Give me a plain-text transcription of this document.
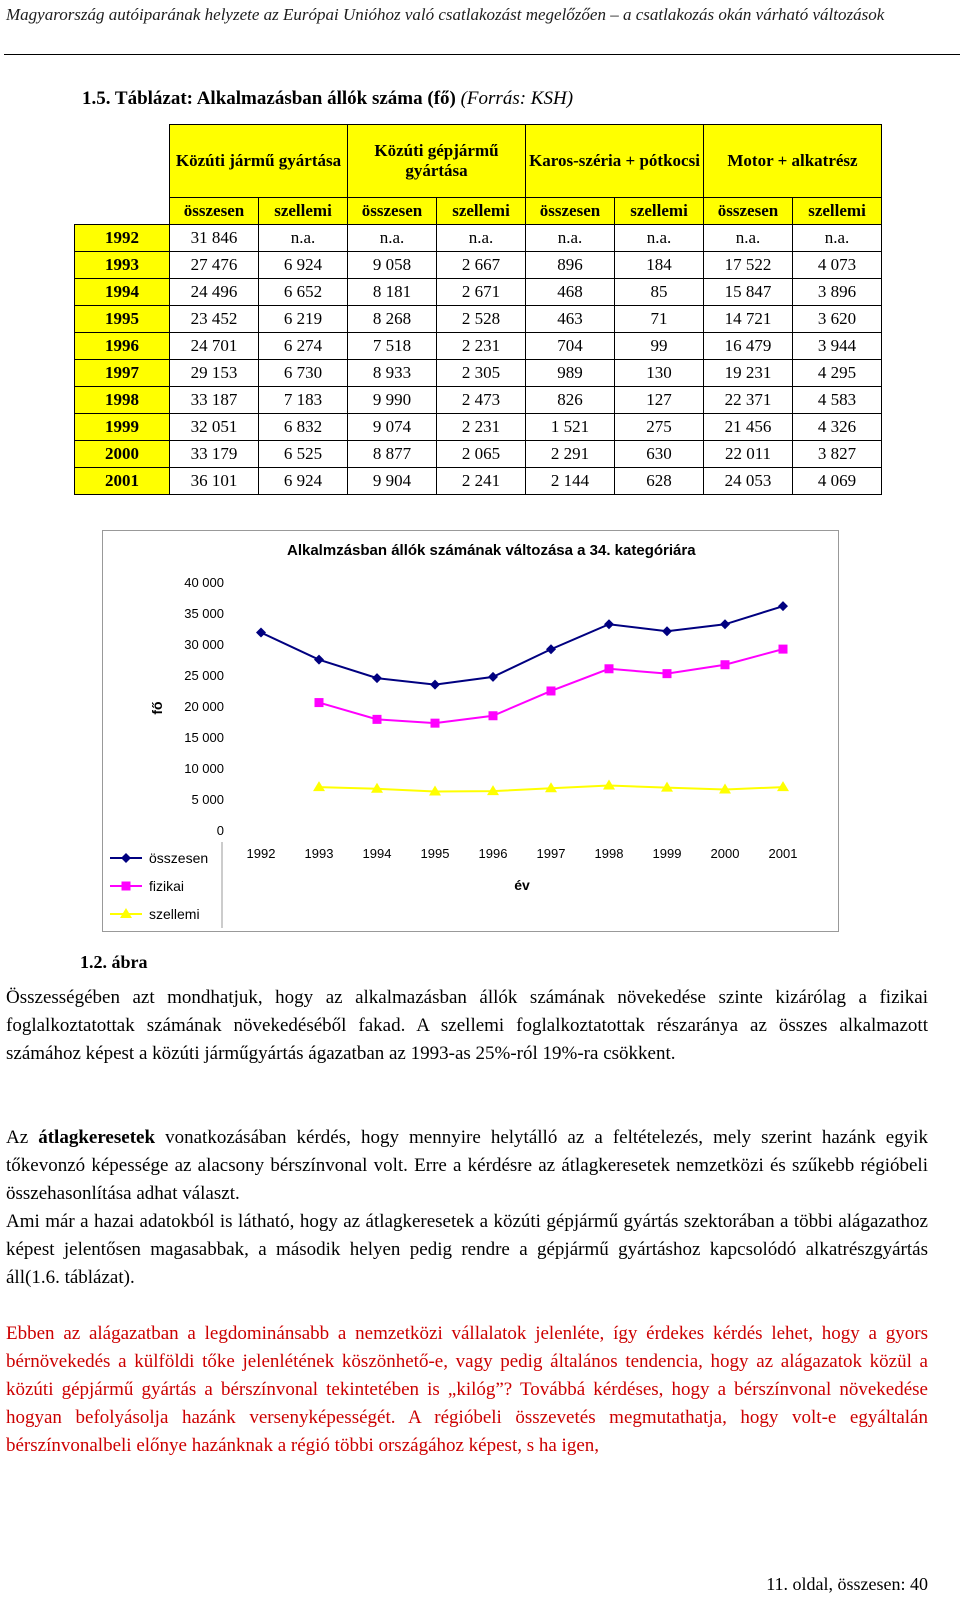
Magyarország autóiparának helyzete az Európai Unióhoz való csatlakozást megelőzően – a csatlakozás okán várható változások
1.5. Táblázat: Alkalmazásban állók száma (fő) (Forrás: KSH)
	Közúti jármű gyártása		Közúti gépjármű gyártása		Karos-széria + pótkocsi		Motor + alkatrész	
	összesen	szellemi	összesen	szellemi	összesen	szellemi	összesen	szellemi
1992	31 846	n.a.	n.a.	n.a.	n.a.	n.a.	n.a.	n.a.
1993	27 476	6 924	9 058	2 667	896	184	17 522	4 073
1994	24 496	6 652	8 181	2 671	468	85	15 847	3 896
1995	23 452	6 219	8 268	2 528	463	71	14 721	3 620
1996	24 701	6 274	7 518	2 231	704	99	16 479	3 944
1997	29 153	6 730	8 933	2 305	989	130	19 231	4 295
1998	33 187	7 183	9 990	2 473	826	127	22 371	4 583
1999	32 051	6 832	9 074	2 231	1 521	275	21 456	4 326
2000	33 179	6 525	8 877	2 065	2 291	630	22 011	3 827
2001	36 101	6 924	9 904	2 241	2 144	628	24 053	4 069
Alkalmzásban állók számának változása a 34. kategóriára
fő
év
0
5 000
10 000
15 000
20 000
25 000
30 000
35 000
40 000
1992 1993 1994 1995 1996 1997 1998 1999 2000 2001
összesen
fizikai
szellemi
1.2. ábra
Összességében azt mondhatjuk, hogy az alkalmazásban állók számának növekedése szinte kizárólag a fizikai foglalkoztatottak számának növekedéséből fakad. A szellemi foglalkoztatottak részaránya az összes alkalmazott számához képest a közúti járműgyártás ágazatban az 1993-as 25%-ról 19%-ra csökkent.
Az átlagkeresetek vonatkozásában kérdés, hogy mennyire helytálló az a feltételezés, mely szerint hazánk egyik tőkevonzó képessége az alacsony bérszínvonal volt. Erre a kérdésre az átlagkeresetek nemzetközi és szűkebb régióbeli összehasonlítása adhat választ.
Ami már a hazai adatokból is látható, hogy az átlagkeresetek a közúti gépjármű gyártás szektorában a többi alágazathoz képest jelentősen magasabbak, a második helyen pedig rendre a gépjármű gyártáshoz kapcsolódó alkatrészgyártás áll(1.6. táblázat).
Ebben az alágazatban a legdominánsabb a nemzetközi vállalatok jelenléte, így érdekes kérdés lehet, hogy a gyors bérnövekedés a külföldi tőke jelenlétének köszönhető-e, vagy pedig általános tendencia, hogy az alágazatok közül a közúti gépjármű gyártás a bérszínvonal tekintetében is „kilóg”? Továbbá kérdéses, hogy a bérszínvonal növekedése hogyan befolyásolja hazánk versenyképességét. A régióbeli összevetés megmutathatja, hogy volt-e egyáltalán bérszínvonalbeli előnye hazánknak a régió többi országához képest, s ha igen,
11. oldal, összesen: 40
